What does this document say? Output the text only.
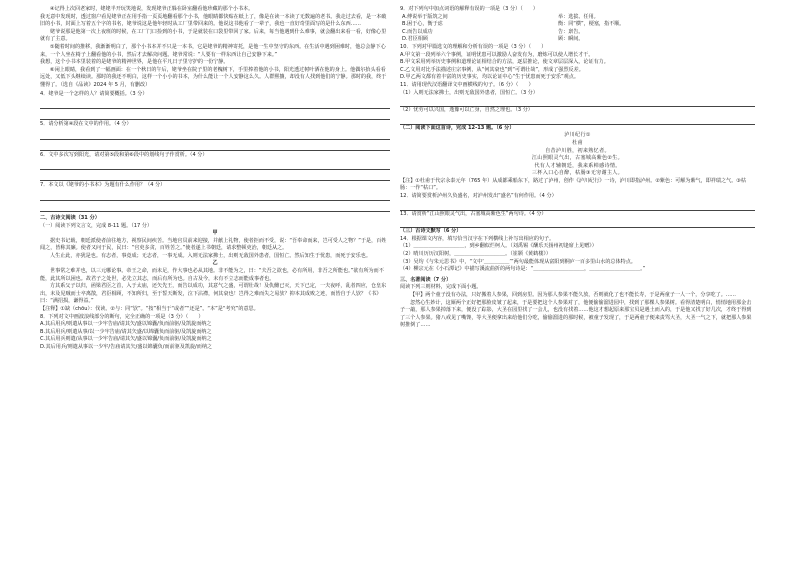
④记得上次回老家时，姥姥半开玩笑地说，发现姥爷正躲在卧室翻看他珍藏的那个小书本。

我无意中发现时，透过窗户看见姥爷正在用手指一页页地翻看那个小书，他眼睛都快贴在纸上了，像是在读一本读了无数遍的老书。我走过去看，是一本破旧的小书，封面上写着五个字的书名，姥爷说这是他年轻时从工厂里带回来的。他说这书他看了一辈子，我也一直好奇里面写的是什么东西……

姥爷说那是他第一次上夜班的时候，在工厂门口捡到的小书，于是就装在口袋里带回了家。后来，每当他遇到什么难事，就会翻出来看一看，好像心里就有了主意。

⑤随着时间的推移，我渐渐明白了，那个小书本并不只是一本书，它是姥爷的精神寄托，是他一生中坚守的东西。在生活中遇到困难时，他总会静下心来，一个人坐在椅子上翻看他的小书，然后才去解决问题。姥爷常说：“人要有一样东西让自己安静下来。”

我想，这个小书本里装着的是姥爷的精神世界，是他在平凡日子里守护的一份宁静。

⑥闲上眼睛，我看到了一幅画面：在一个秋日的午后，姥爷坐在院子里的老槐树下，手里捧着他的小书，阳光透过树叶洒在他的身上。他偶尔抬头看看远处，又低下头继续读。那时的我还不明白，这样一个小小的书本，为什么能让一个人安静这么久。人群熙攘，却没有人找到他们的宁静。那时的我，终于懂得了。（选自《品读》2024 年 5 月，有删改）

4．姥爷是一个怎样的人？请简要概括。（3 分）

5．请分析第④段在文中的作用。（4 分）

6．文中多次写到阳光，请对第⑤段和第⑥段中的划线句子作赏析。（4 分）

7．本文以《姥爷的小书本》为题有什么作用？（4 分）

二、古诗文阅读（31 分）

（一）阅读下列文言文，完成 8-11 题。（17 分）

甲

据史书记载，朝廷派使者前往地方，视察民间疾苦。当地官员前来迎接，并献上礼物，使者拒而不受，说：“吾奉命而来，岂可受人之物？”于是，百姓闻之，皆称其廉。使者又问于民，民曰：“官吏多贪，百姓苦之。”使者遂上书朝廷，请求整顿吏治，朝廷从之。

人生止此，亦犹是也。有志者，事竟成；无志者，一事无成。入则无法家拂士，出则无敌国外患者，国恒亡。然后知生于忧患，而死于安乐也。

乙

世事常之难并也，以三元哪论事。帝王之命，而未足，作大事也必从其地。非不能为之，曰：“夫吾之欲也，必有所用，非吾之所能也。”欲有所为而不能，此其所以困也。故君子之处世，必先立其志，而后有所为也。自古及今，未有不立志而能成事者也。

方其系父子以归，函梁君臣之首，入于太庙，还矢先王，而告以成功，其意气之盛，可谓壮哉！及仇雠已灭，天下已定，一夫夜呼，乱者四应，仓皇东出，未及见贼而士卒离散，君臣相顾，不知所归，至于誓天断发，泣下沾襟，何其衰也！岂得之难而失之易欤？抑本其成败之迹，而皆自于人欤？《书》曰：“满招损，谦得益。”

【注释】①缺（chōu）：伐读。②与：同“欤”。“按”相当于“或者”“还是”。“本”是“考究”的意思。

8．下列对文中画波浪线部分的断句，完全正确的一项是（3 分）（　　）

A.其后用兵/则遣从事以一少牢告庙/请其矢/盛以锦囊/负而前驱/及凯旋而纳之

B.其后用兵/则遣从事/以一少牢告庙/请其矢盛/以锦囊负而前驱/及凯旋而纳之

C.其后用兵则遣/从事以一少牢告庙/请其矢/盛以锦囊/负而前驱/及凯旋而纳之

D.其后用兵/则遣从事以一少牢/告庙请其矢/盛以锦囊负/而前驱及凯旋/而纳之

9．对下列句中加点词语的解释有误的一项是（3 分）（　　）

A.傅说举于版筑之间	举：选拔、任用。
B.困于心，衡于虑	衡：同“横”，梗塞，指不顺。
C.而告以成功	告：禀告。
D.君臣相顾	顾：瞬间。

10．下列对甲篇选文的理解和分析有误的一项是（3 分）（　　）

A.甲文第一段列举六个事例，证明忧患可以激励人奋发有为，磨炼可以使人增长才干。

B.甲文采用列举历史事例和道理论证相结合的方法，逐层推论，使文章层层深入，论证有力。

C.乙文用对比手法描述庄宗事例，从“何其衰也”到“可谓壮哉”，形成了强烈反差。

D.甲乙两文都有着丰富的历史事实，均以论证中心“生于忧患而死于安乐”观点。

11．请用现代汉语翻译文中画横线的句子。（6 分）（　　）

（1）入则无法家拂士，出则无敌国外患者，国恒亡。（3 分）

（2）忧劳可以兴国，逸豫可以亡身，自然之理也。（3 分）

（二）阅读下面这首诗，完成 12-13 题。（6 分）

泸川纪行①

杜甫

自昔泸川胜，初来熟忆者。

江山照眼灵气出，古塞城高紫色②生。

代有人才辅朝廷，我来系棹感诗情。

三杯入口心自醉，枯肠③无穷谢主人。

【注】①杜甫于代宗永泰元年（765 年）从成都乘船东下，路过了泸州，创作《泸川纪行》一诗，泸川即指泸州。②紫色：可解为紫气，即祥瑞之气。③枯肠：一作“枯口”。

12．请简要赏析泸州久负盛名，对泸州发出“盛名”有何作用。（4 分）

13．请赏析“江山照眼灵气出，古塞城高紫色生”两句诗。（4 分）

（三）古诗文默写（6 分）

14．根据课文内容，填写恰当汉字在下列横线上补写出相应的句子。

（1）＿＿＿＿＿＿＿＿＿＿，到乡翻似烂柯人。（刘禹锡《酬乐天扬州初逢席上见赠》）

（2）晴川历历汉阳树，＿＿＿＿＿＿＿＿＿＿。（崔颢《黄鹤楼》）

（3）吴均《与朱元思书》中，“文中‘＿＿＿＿＿’”两句最能体现从富阳到桐庐一百多里山水的总体特点。

（4）柳宗元在《小石潭记》中描写溪流曲折的两句诗是：“＿＿＿＿＿＿＿＿＿＿，＿＿＿＿＿＿＿＿＿＿。”

三、名著阅读（7 分）

阅读下列三则材料，完成下面小题。

【甲】两个童子没有办法，只好搬着人参果，回到房里。因为那人参果不能久放，否则就化了也不能长寿，于是两童子一人一个，分享吃了。……

忽然心生妙计，这厮两个正好把那脸皮皱了起来，于是要把这个人参果对了，他便偷偷溜进园中，找到了那棵人参果树。看得清楚明白，悄悄地用那金击子一敲，那人参果掉落下来，便没了踪影，大圣在园里找了一会儿，也没有找着……他这才想起原来那宝贝是遇土而入的，于是他又找了好几次，才终于得到了三个人参果。猪八戒见了嘴馋，等大圣便拿出来给他们分吃，偷偷溜进的那时候，被童子发现了，于是两童子便来责骂大圣，大圣一气之下，就把那人参果树推倒了……
